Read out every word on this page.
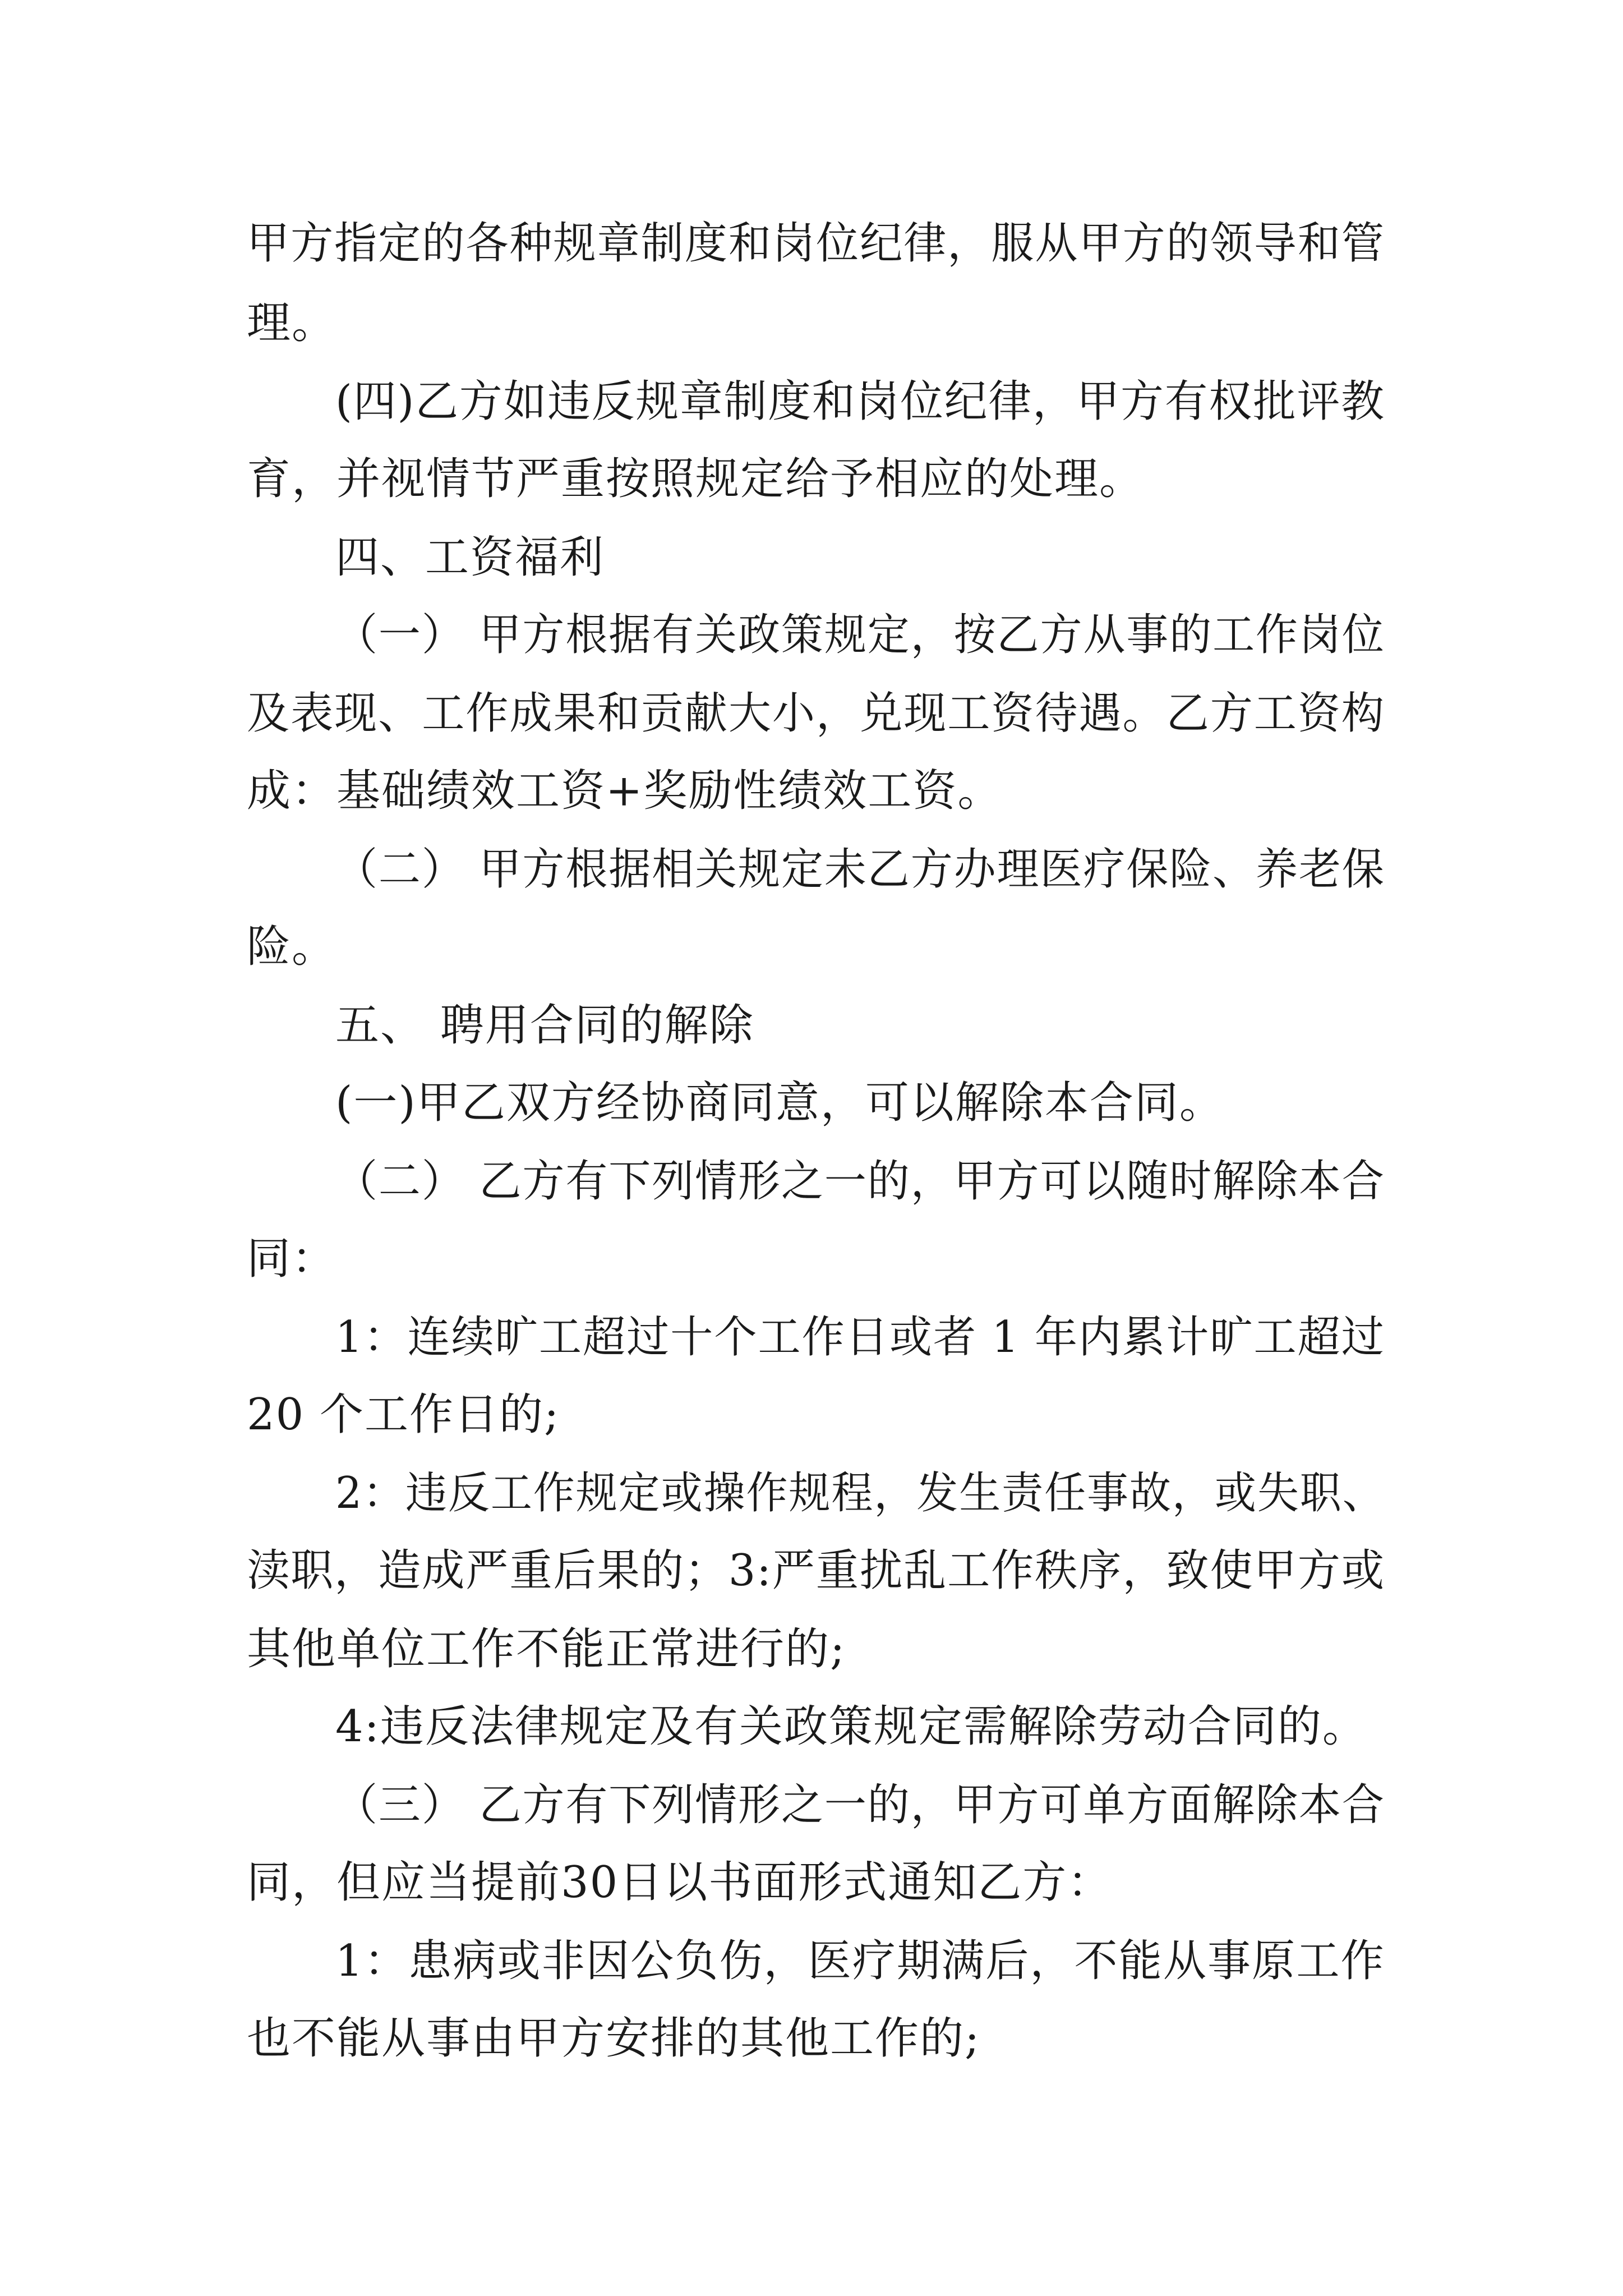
甲方指定的各种规章制度和岗位纪律，服从甲方的领导和管
理。
(四)乙方如违反规章制度和岗位纪律，甲方有权批评教
育，并视情节严重按照规定给予相应的处理。
四、工资福利
（一） 甲方根据有关政策规定，按乙方从事的工作岗位
及表现、工作成果和贡献大小，兑现工资待遇。乙方工资构
成：基础绩效工资+奖励性绩效工资。
（二） 甲方根据相关规定未乙方办理医疗保险、养老保
险。
五、 聘用合同的解除
(一)甲乙双方经协商同意，可以解除本合同。
（二） 乙方有下列情形之一的，甲方可以随时解除本合
同：
1：连续旷工超过十个工作日或者 1 年内累计旷工超过
20 个工作日的;
2：违反工作规定或操作规程，发生责任事故，或失职、
渎职，造成严重后果的；3:严重扰乱工作秩序，致使甲方或
其他单位工作不能正常进行的;
4:违反法律规定及有关政策规定需解除劳动合同的。
（三） 乙方有下列情形之一的，甲方可单方面解除本合
同，但应当提前30日以书面形式通知乙方：
1：患病或非因公负伤，医疗期满后，不能从事原工作
也不能从事由甲方安排的其他工作的;
